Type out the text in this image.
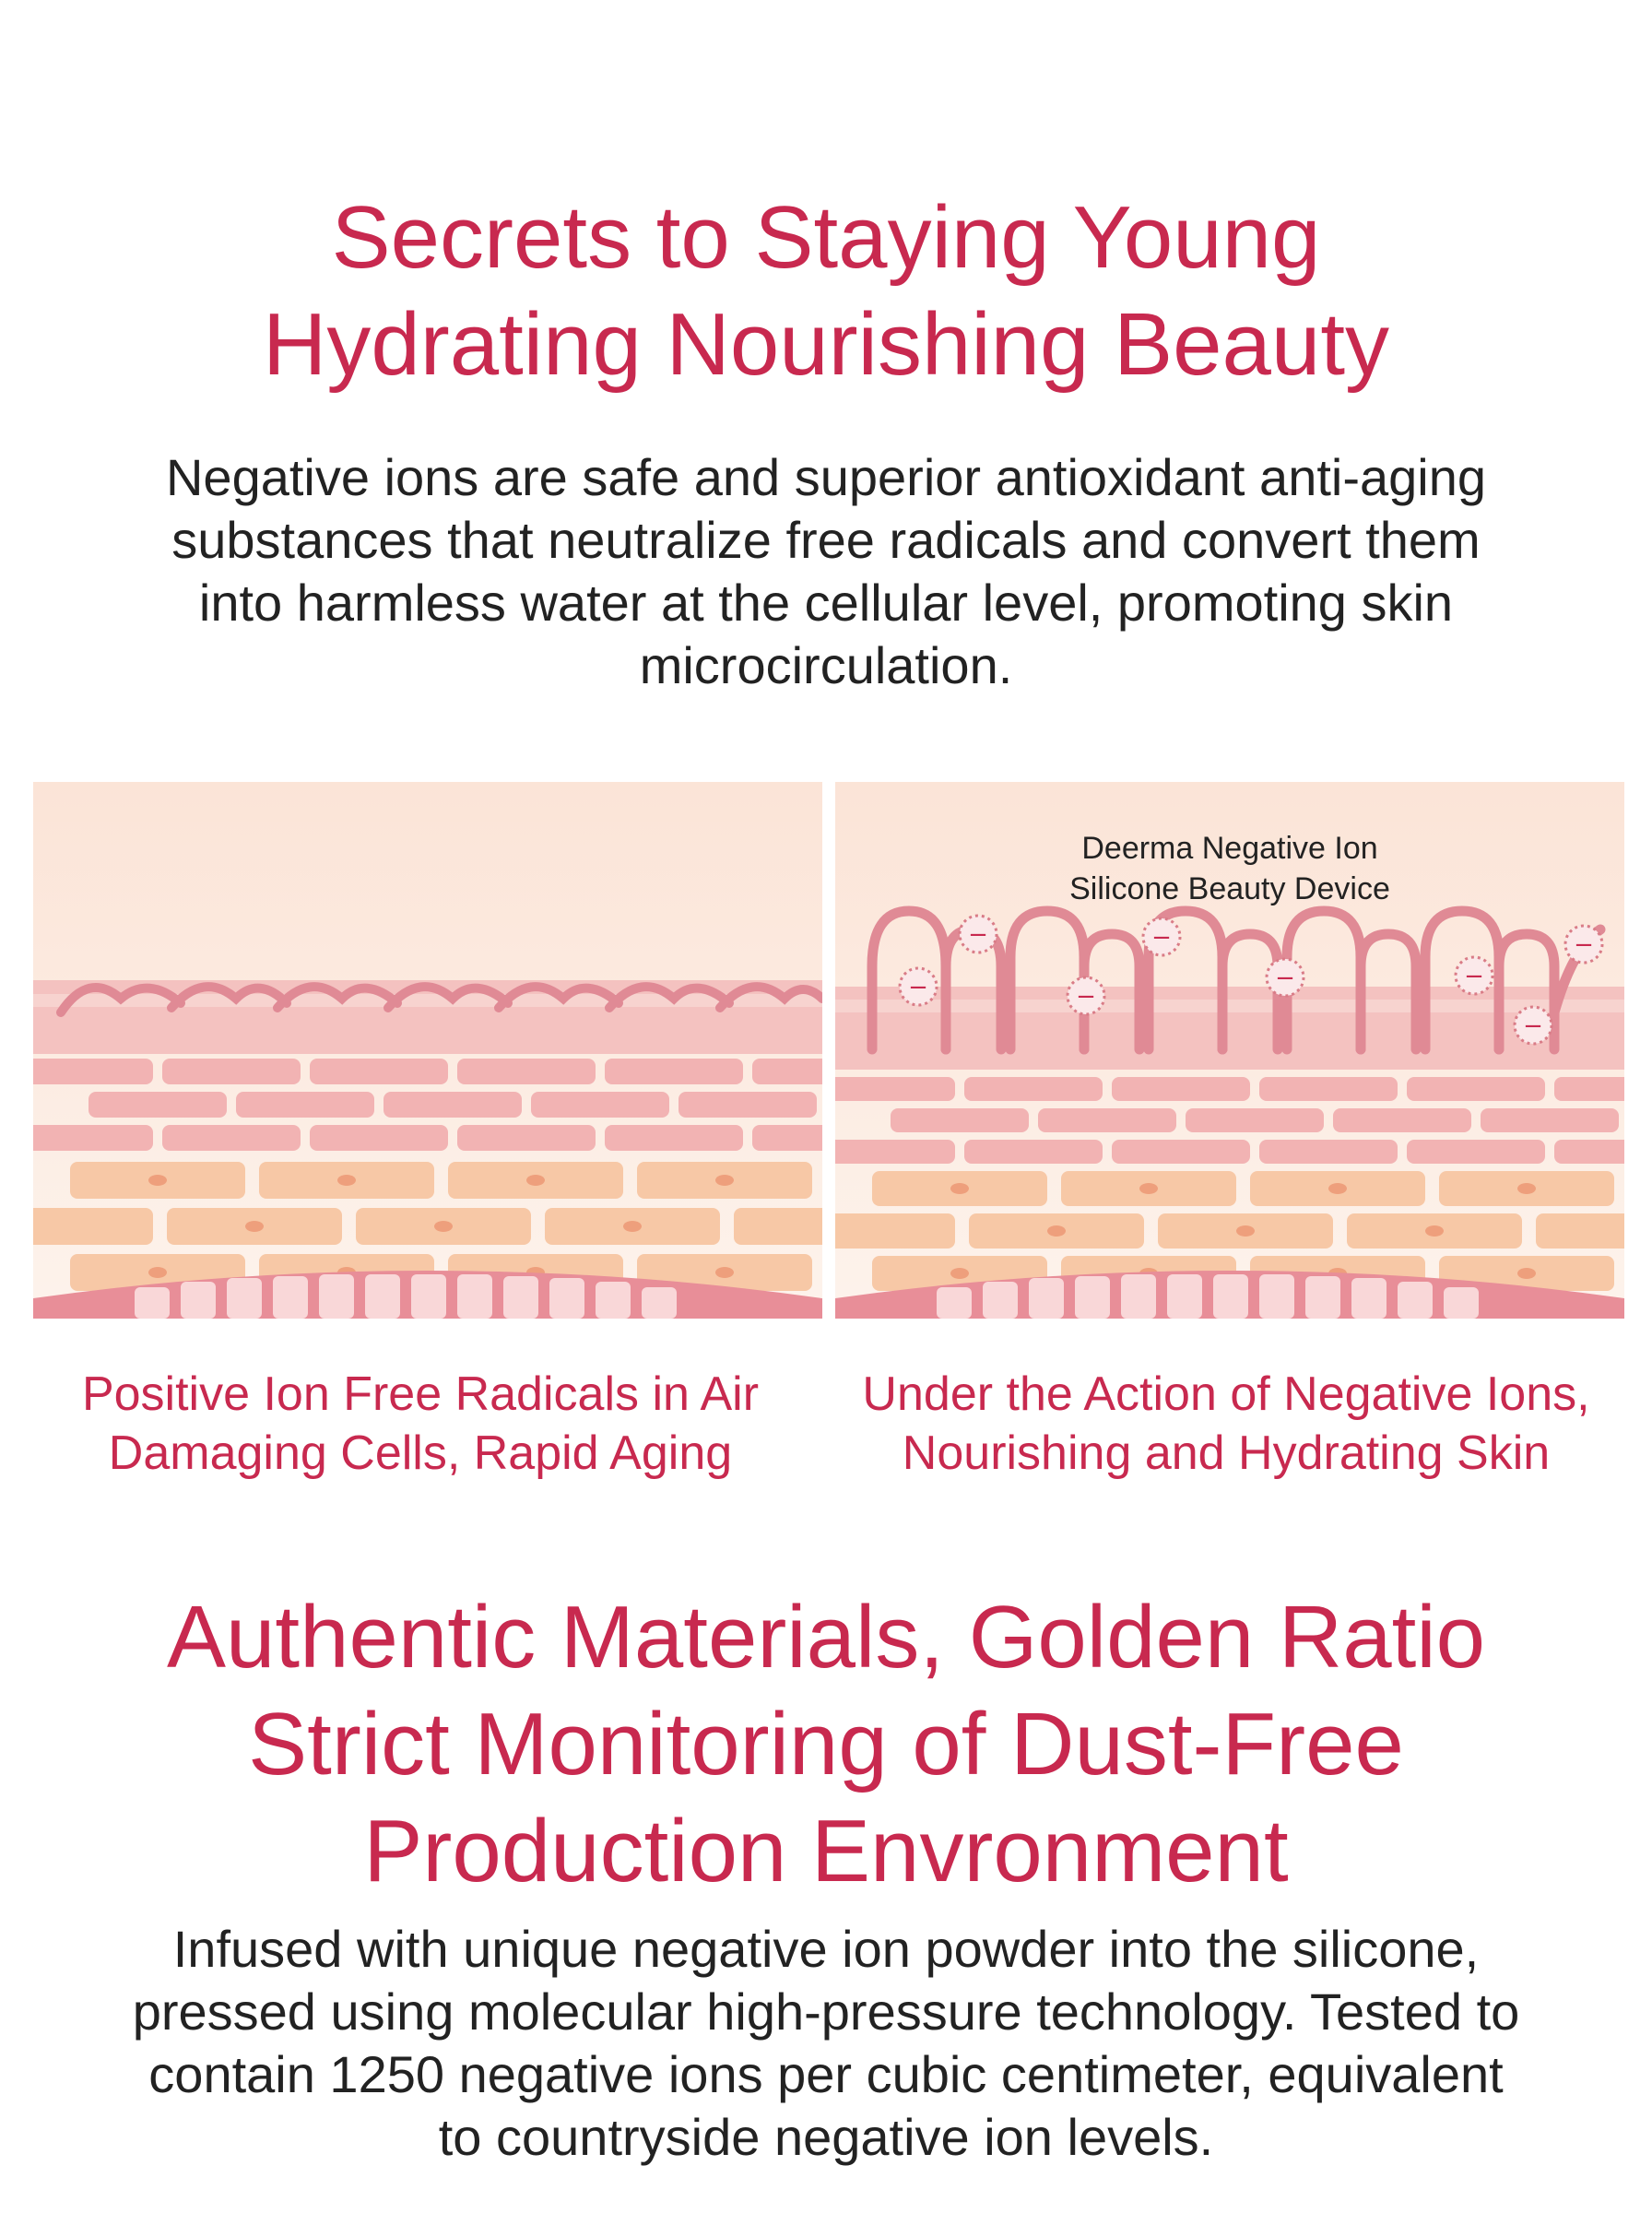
Secrets to Staying Young
Hydrating Nourishing Beauty

Negative ions are safe and superior antioxidant anti-aging
substances that neutralize free radicals and convert them
into harmless water at the cellular level, promoting skin
microcirculation.

−
−	−
−
−	−
−
−
Deerma Negative Ion
Silicone Beauty Device
Positive Ion Free Radicals in Air
Damaging Cells, Rapid Aging
Under the Action of Negative Ions,
Nourishing and Hydrating Skin
Authentic Materials, Golden Ratio
Strict Monitoring of Dust-Free
Production Envronment

Infused with unique negative ion powder into the silicone,
pressed using molecular high-pressure technology. Tested to
contain 1250 negative ions per cubic centimeter, equivalent
to countryside negative ion levels.
